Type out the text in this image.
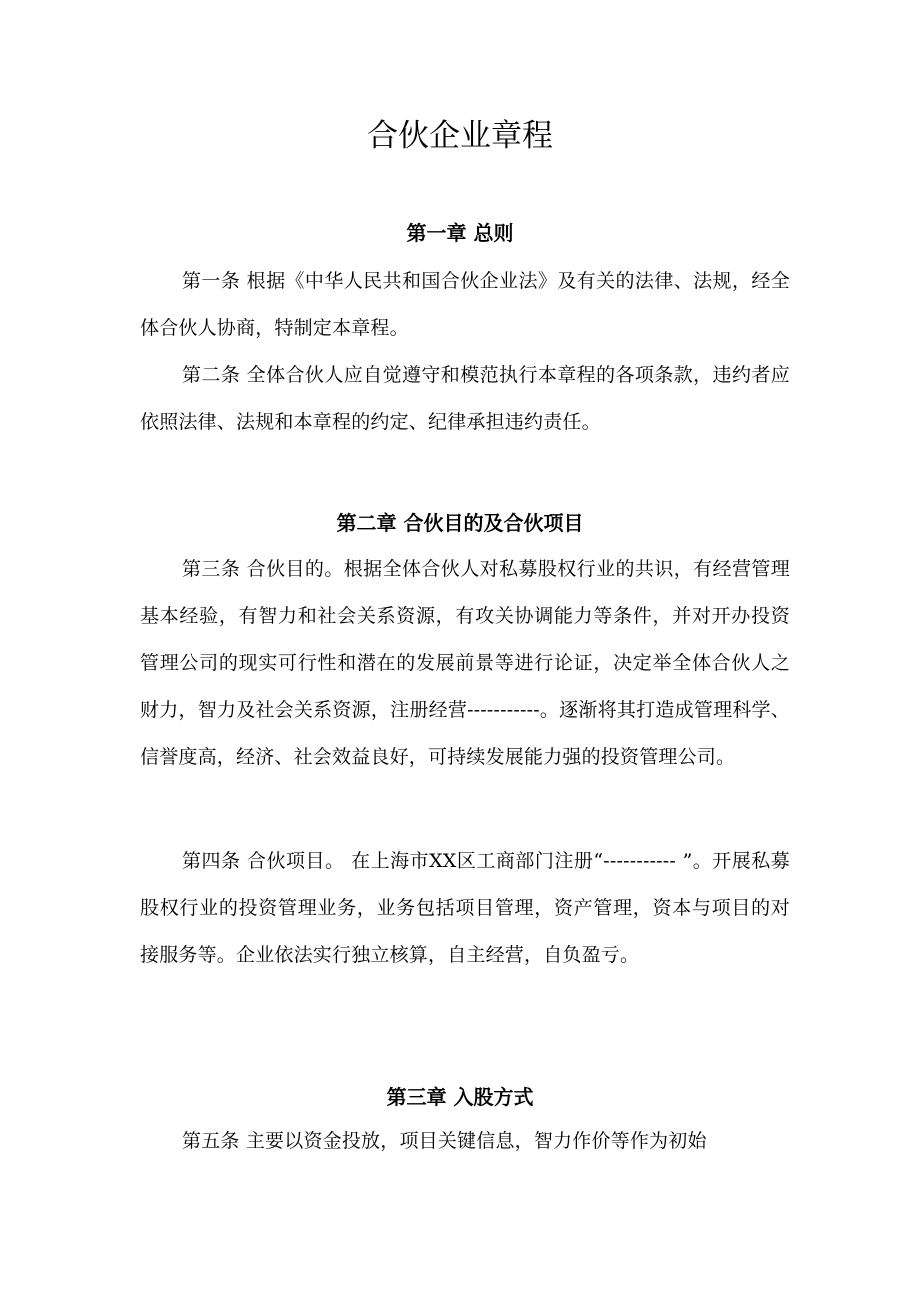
合伙企业章程
第一章 总则

第一条 根据《中华人民共和国合伙企业法》及有关的法律、法规，经全体合伙人协商，特制定本章程。

第二条 全体合伙人应自觉遵守和模范执行本章程的各项条款，违约者应依照法律、法规和本章程的约定、纪律承担违约责任。

第二章 合伙目的及合伙项目

第三条 合伙目的。根据全体合伙人对私募股权行业的共识，有经营管理基本经验，有智力和社会关系资源，有攻关协调能力等条件，并对开办投资管理公司的现实可行性和潜在的发展前景等进行论证，决定举全体合伙人之财力，智力及社会关系资源，注册经营-----------。逐渐将其打造成管理科学、信誉度高，经济、社会效益良好，可持续发展能力强的投资管理公司。

第四条 合伙项目。 在上海市XX区工商部门注册“----------- ”。开展私募股权行业的投资管理业务，业务包括项目管理，资产管理，资本与项目的对接服务等。企业依法实行独立核算，自主经营，自负盈亏。

第三章 入股方式

第五条 主要以资金投放，项目关键信息，智力作价等作为初始
